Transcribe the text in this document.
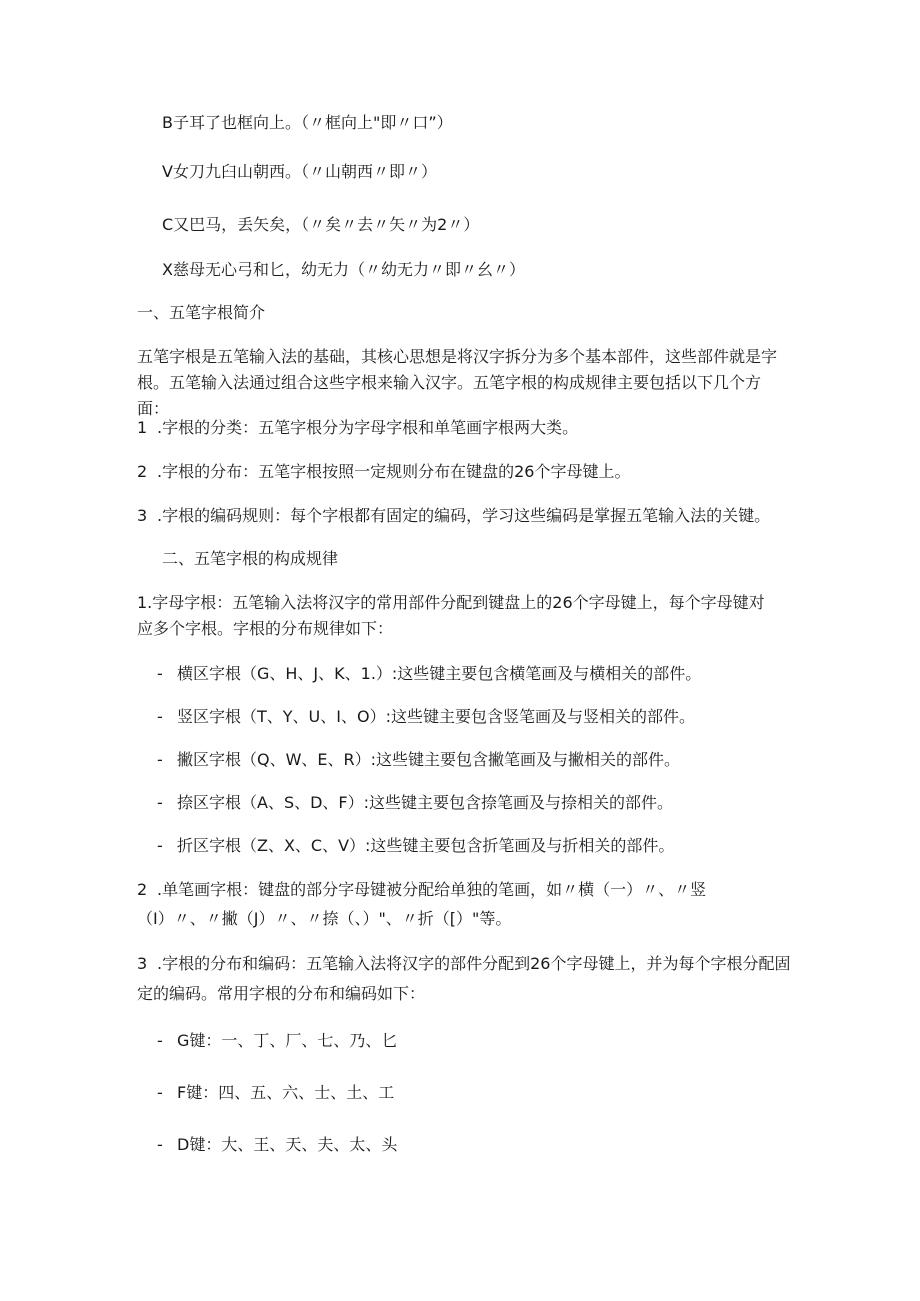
B子耳了也框向上。（〃框向上"即〃口”）
V女刀九臼山朝西。（〃山朝西〃即〃）
C又巴马，丢矢矣，（〃矣〃去〃矢〃为2〃）
X慈母无心弓和匕，幼无力（〃幼无力〃即〃幺〃）
一、五笔字根简介
五笔字根是五笔输入法的基础，其核心思想是将汉字拆分为多个基本部件，这些部件就是字根。五笔输入法通过组合这些字根来输入汉字。五笔字根的构成规律主要包括以下几个方面：
1 .字根的分类：五笔字根分为字母字根和单笔画字根两大类。
2 .字根的分布：五笔字根按照一定规则分布在键盘的26个字母键上。
3 .字根的编码规则：每个字根都有固定的编码，学习这些编码是掌握五笔输入法的关键。
二、五笔字根的构成规律
1.字母字根：五笔输入法将汉字的常用部件分配到键盘上的26个字母键上，每个字母键对应多个字根。字根的分布规律如下：
- 横区字根（G、H、J、K、1.）:这些键主要包含横笔画及与横相关的部件。
- 竖区字根（T、Y、U、I、O）:这些键主要包含竖笔画及与竖相关的部件。
- 撇区字根（Q、W、E、R）:这些键主要包含撇笔画及与撇相关的部件。
- 捺区字根（A、S、D、F）:这些键主要包含捺笔画及与捺相关的部件。
- 折区字根（Z、X、C、V）:这些键主要包含折笔画及与折相关的部件。
2 .单笔画字根：键盘的部分字母键被分配给单独的笔画，如〃横（一）〃、〃竖
（I）〃、〃撇（J）〃、〃捺（、）"、〃折（[）"等。
3 .字根的分布和编码：五笔输入法将汉字的部件分配到26个字母键上，并为每个字根分配固
定的编码。常用字根的分布和编码如下：
- G键：一、丁、厂、七、乃、匕
- F键：四、五、六、士、土、工
- D键：大、王、天、夫、太、头
